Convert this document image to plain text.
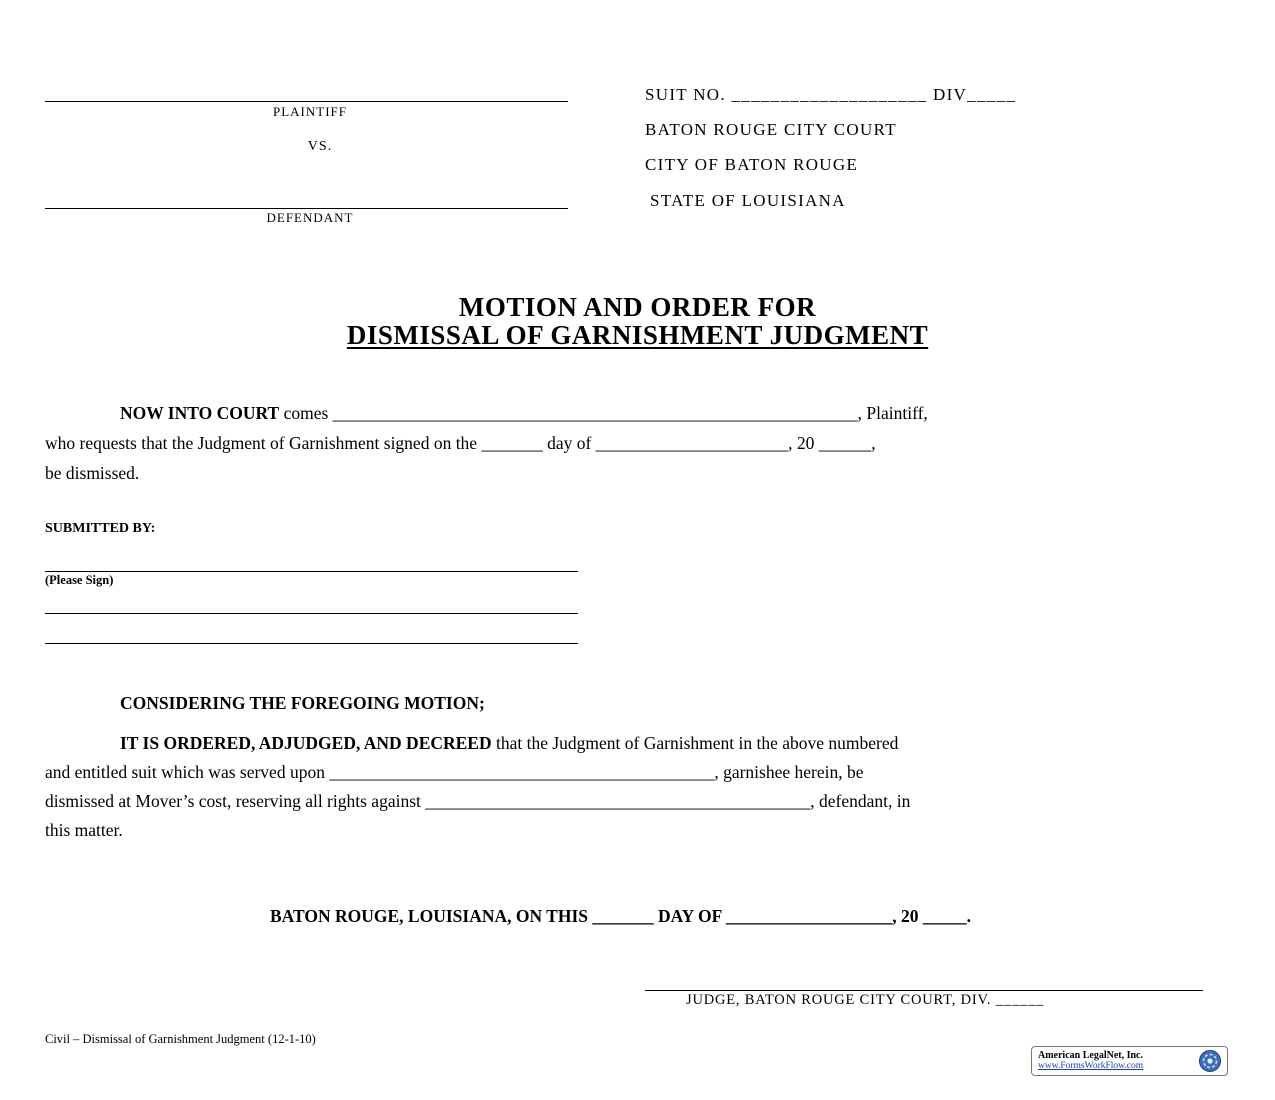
PLAINTIFF
VS.
DEFENDANT
SUIT NO. ____________________ DIV_____
BATON ROUGE CITY COURT
CITY OF BATON ROUGE
STATE OF LOUISIANA
MOTION AND ORDER FOR
DISMISSAL OF GARNISHMENT JUDGMENT
NOW INTO COURT comes ____________________________________________________________, Plaintiff,
who requests that the Judgment of Garnishment signed on the _______ day of ______________________, 20 ______,
be dismissed.
SUBMITTED BY:
(Please Sign)
CONSIDERING THE FOREGOING MOTION;
IT IS ORDERED, ADJUDGED, AND DECREED that the Judgment of Garnishment in the above numbered
and entitled suit which was served upon ____________________________________________, garnishee herein, be
dismissed at Mover’s cost, reserving all rights against ____________________________________________, defendant, in
this matter.
BATON ROUGE, LOUISIANA, ON THIS _______ DAY OF ___________________, 20 _____.
JUDGE, BATON ROUGE CITY COURT, DIV. ______
Civil – Dismissal of Garnishment Judgment (12-1-10)
American LegalNet, Inc.
www.FormsWorkFlow.com
